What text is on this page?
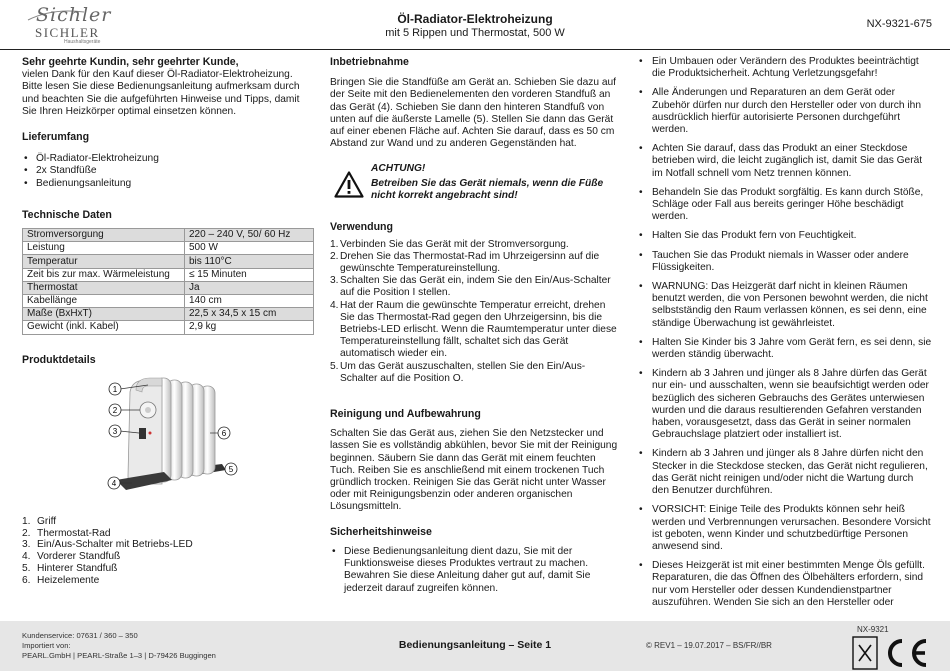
Sichler
SICHLER
Haushaltsgeräte
Öl-Radiator-Elektroheizung
mit 5 Rippen und Thermostat, 500 W
NX-9321-675

Sehr geehrte Kundin, sehr geehrter Kunde,

vielen Dank für den Kauf dieser Öl-Radiator-Elektroheizung. Bitte lesen Sie diese Bedienungsanleitung aufmerksam durch und beachten Sie die aufgeführten Hinweise und Tipps, damit Sie Ihren Heizkörper optimal einsetzen können.

Lieferumfang

• Öl-Radiator-Elektroheizung
• 2x Standfüße
• Bedienungsanleitung

Technische Daten

Stromversorgung	220 – 240 V, 50/ 60 Hz
Leistung	500 W
Temperatur	bis 110°C
Zeit bis zur max. Wärmeleistung	≤ 15 Minuten
Thermostat	Ja
Kabellänge	140 cm
Maße (BxHxT)	22,5 x 34,5 x 15 cm
Gewicht (inkl. Kabel)	2,9 kg

Produktdetails

1
2
3
4
5
6
1. Griff
2. Thermostat-Rad
3. Ein/Aus-Schalter mit Betriebs-LED
4. Vorderer Standfuß
5. Hinterer Standfuß
6. Heizelemente

Inbetriebnahme

Bringen Sie die Standfüße am Gerät an. Schieben Sie dazu auf der Seite mit den Bedienelementen den vorderen Standfuß an das Gerät (4). Schieben Sie dann den hinteren Standfuß von unten auf die äußerste Lamelle (5). Stellen Sie dann das Gerät auf einer ebenen Fläche auf. Achten Sie darauf, dass es 50 cm Abstand zur Wand und zu anderen Gegenständen hat.

ACHTUNG!
Betreiben Sie das Gerät niemals, wenn die Füße nicht korrekt angebracht sind!

Verwendung

1. Verbinden Sie das Gerät mit der Stromversorgung.
2. Drehen Sie das Thermostat-Rad im Uhrzeigersinn auf die gewünschte Temperatureinstellung.
3. Schalten Sie das Gerät ein, indem Sie den Ein/Aus-Schalter auf die Position I stellen.
4. Hat der Raum die gewünschte Temperatur erreicht, drehen Sie das Thermostat-Rad gegen den Uhrzeigersinn, bis die Betriebs-LED erlischt. Wenn die Raumtemperatur unter diese Temperatureinstellung fällt, schaltet sich das Gerät automatisch wieder ein.
5. Um das Gerät auszuschalten, stellen Sie den Ein/Aus-Schalter auf die Position O.

Reinigung und Aufbewahrung

Schalten Sie das Gerät aus, ziehen Sie den Netzstecker und lassen Sie es vollständig abkühlen, bevor Sie mit der Reinigung beginnen. Säubern Sie dann das Gerät mit einem feuchten Tuch. Reiben Sie es anschließend mit einem trockenen Tuch gründlich trocken. Reinigen Sie das Gerät nicht unter Wasser oder mit Reinigungsbenzin oder anderen organischen Lösungsmitteln.

Sicherheitshinweise

• Diese Bedienungsanleitung dient dazu, Sie mit der Funktionsweise dieses Produktes vertraut zu machen. Bewahren Sie diese Anleitung daher gut auf, damit Sie jederzeit darauf zugreifen können.
• Ein Umbauen oder Verändern des Produktes beeinträchtigt die Produktsicherheit. Achtung Verletzungsgefahr!
• Alle Änderungen und Reparaturen an dem Gerät oder Zubehör dürfen nur durch den Hersteller oder von durch ihn ausdrücklich hierfür autorisierte Personen durchgeführt werden.
• Achten Sie darauf, dass das Produkt an einer Steckdose betrieben wird, die leicht zugänglich ist, damit Sie das Gerät im Notfall schnell vom Netz trennen können.
• Behandeln Sie das Produkt sorgfältig. Es kann durch Stöße, Schläge oder Fall aus bereits geringer Höhe beschädigt werden.
• Halten Sie das Produkt fern von Feuchtigkeit.
• Tauchen Sie das Produkt niemals in Wasser oder andere Flüssigkeiten.
• WARNUNG: Das Heizgerät darf nicht in kleinen Räumen benutzt werden, die von Personen bewohnt werden, die nicht selbstständig den Raum verlassen können, es sei denn, eine ständige Überwachung ist gewährleistet.
• Halten Sie Kinder bis 3 Jahre vom Gerät fern, es sei denn, sie werden ständig überwacht.
• Kindern ab 3 Jahren und jünger als 8 Jahre dürfen das Gerät nur ein- und ausschalten, wenn sie beaufsichtigt werden oder bezüglich des sicheren Gebrauchs des Gerätes unterwiesen wurden und die daraus resultierenden Gefahren verstanden haben, vorausgesetzt, dass das Gerät in seiner normalen Gebrauchslage platziert oder installiert ist.
• Kindern ab 3 Jahren und jünger als 8 Jahre dürfen nicht den Stecker in die Steckdose stecken, das Gerät nicht regulieren, das Gerät nicht reinigen und/oder nicht die Wartung durch den Benutzer durchführen.
• VORSICHT: Einige Teile des Produkts können sehr heiß werden und Verbrennungen verursachen. Besondere Vorsicht ist geboten, wenn Kinder und schutzbedürftige Personen anwesend sind.
• Dieses Heizgerät ist mit einer bestimmten Menge Öls gefüllt. Reparaturen, die das Öffnen des Ölbehälters erfordern, sind nur vom Hersteller oder dessen Kundendienstpartner auszuführen. Wenden Sie sich an den Hersteller oder
Kundenservice: 07631 / 360 – 350
Importiert von:
PEARL.GmbH | PEARL-Straße 1–3 | D-79426 Buggingen
Bedienungsanleitung – Seite 1	© REV1 – 19.07.2017 – BS/FR//BR
NX-9321
